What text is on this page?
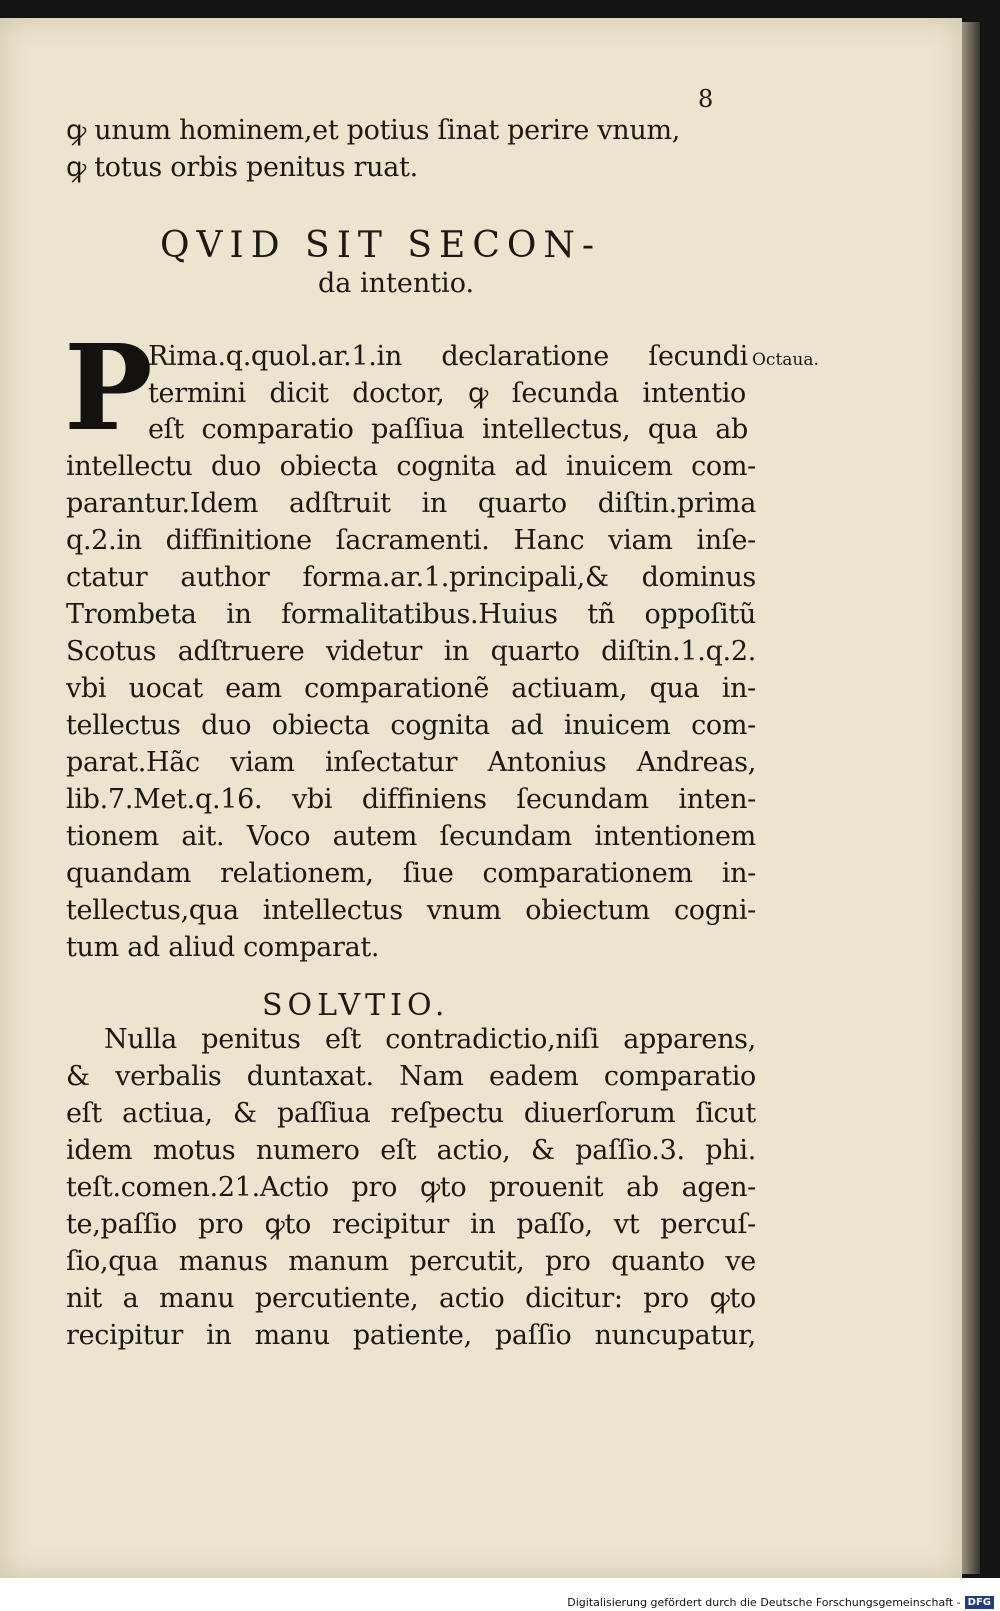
8
ꝙ unum hominem,et potius ſinat perire vnum,
ꝙ totus orbis penitus ruat.
QVID SIT SECON-
da intentio.
P	Octaua.
Rima.q.quol.ar.1.in declaratione ſecundi
termini dicit doctor, ꝙ ſecunda intentio
eſt comparatio paſſiua intellectus, qua ab
intellectu duo obiecta cognita ad inuicem com-
parantur.Idem adſtruit in quarto diſtin.prima
q.2.in diffinitione ſacramenti. Hanc viam inſe-
ctatur author forma.ar.1.principali,& dominus
Trombeta in formalitatibus.Huius tñ oppoſitũ
Scotus adſtruere videtur in quarto diſtin.1.q.2.
vbi uocat eam comparationẽ actiuam, qua in-
tellectus duo obiecta cognita ad inuicem com-
parat.Hãc viam inſectatur Antonius Andreas,
lib.7.Met.q.16. vbi diffiniens ſecundam inten-
tionem ait. Voco autem ſecundam intentionem
quandam relationem, ſiue comparationem in-
tellectus,qua intellectus vnum obiectum cogni-
tum ad aliud comparat.
SOLVTIO.
Nulla penitus eſt contradictio,niſi apparens,
& verbalis duntaxat. Nam eadem comparatio
eſt actiua, & paſſiua reſpectu diuerſorum ſicut
idem motus numero eſt actio, & paſſio.3. phi.
teſt.comen.21.Actio pro ꝙto prouenit ab agen-
te,paſſio pro ꝙto recipitur in paſſo, vt percuſ-
ſio,qua manus manum percutit, pro quanto ve
nit a manu percutiente, actio dicitur: pro ꝙto
recipitur in manu patiente, paſſio nuncupatur,
Digitalisierung gefördert durch die Deutsche Forschungsgemeinschaft - DFG
